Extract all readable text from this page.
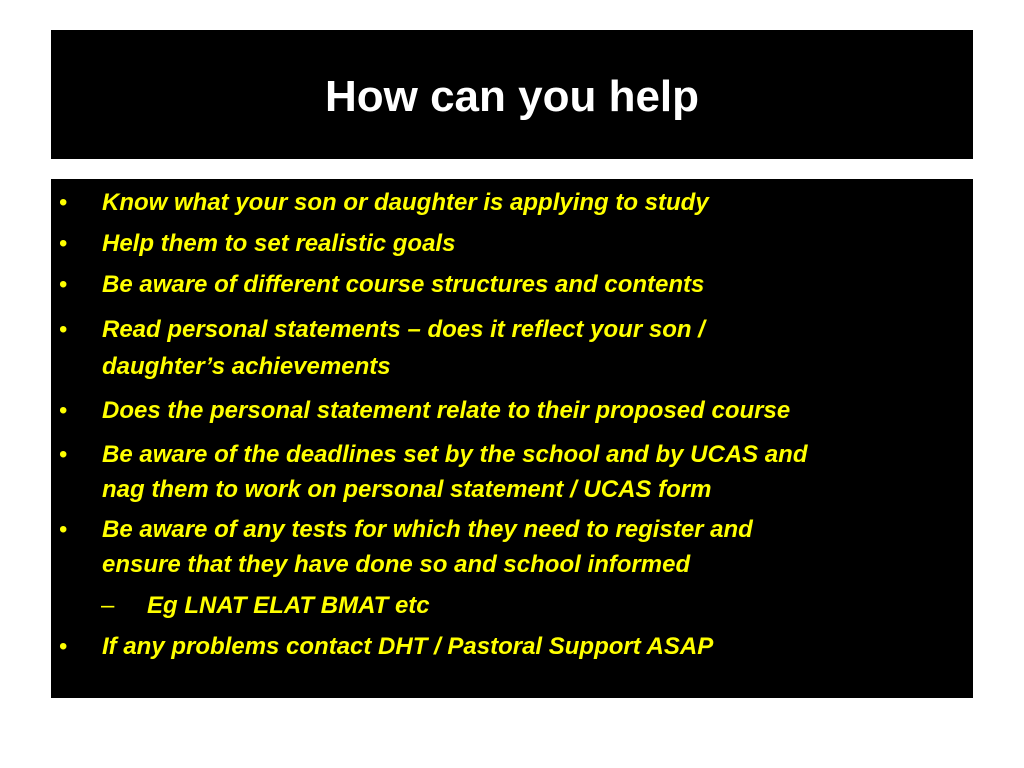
How can you help
• Know what your son or daughter is applying to study
• Help them to set realistic goals
• Be aware of different course structures and contents
• Read personal statements – does it reflect your son /
daughter’s achievements
• Does the personal statement relate to their proposed course
• Be aware of the deadlines set by the school and by UCAS and
nag them to work on personal statement / UCAS form
• Be aware of any tests for which they need to register and
ensure that they have done so and school informed
– Eg LNAT ELAT BMAT etc
• If any problems contact DHT / Pastoral Support ASAP
